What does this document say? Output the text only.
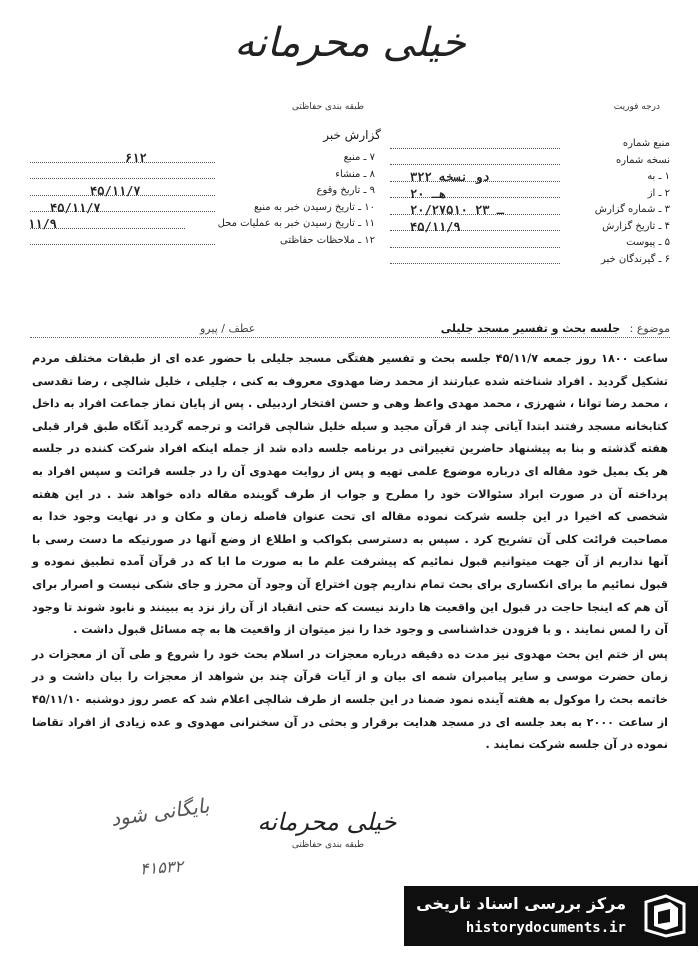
خیلی محرمانه
طبقه بندی حفاظتی	درجه فوریت
گزارش خبر
منبع شماره
نسخه شماره
۱ ـ به
۳۲۲ دو نسخه
۲ ـ از
۲۰ هـ
۳ ـ شماره گزارش
۲۰/۲۷۵۱۰ ـ ۲۳
۴ ـ تاریخ گزارش
۴۵/۱۱/۹
۵ ـ پیوست
۶ ـ گیرندگان خبر
۷ ـ منبع
۶۱۲
۸ ـ منشاء
۹ ـ تاریخ وقوع
۴۵/۱۱/۷
۱۰ ـ تاریخ رسیدن خبر به منبع
۴۵/۱۱/۷
۱۱ ـ تاریخ رسیدن خبر به عملیات محل
۱۱/۹
۱۲ ـ ملاحظات حفاظتی
موضوع : جلسه بحث و تفسیر مسجد جلیلی
عطف / پیرو

ساعت ۱۸۰۰ روز جمعه ۴۵/۱۱/۷ جلسه بحث و تفسیر هفتگی مسجد جلیلی با حضور عده ای از طبقات مختلف مردم تشکیل گردید . افراد شناخته شده عبارتند از محمد رضا مهدوی معروف به کنی ، جلیلی ، خلیل شالچی ، رضا تقدسی ، محمد رضا توانا ، شهرزی ، محمد مهدی واعظ وهی و حسن افتخار اردبیلی . پس از پایان نماز جماعت افراد به داخل کتابخانه مسجد رفتند ابتدا آیاتی چند از قرآن مجید و سیله خلیل شالچی قرائت و ترجمه گردید آنگاه طبق قرار قبلی هفته گذشته و بنا به پیشنهاد حاضرین تغییراتی در برنامه جلسه داده شد از جمله اینکه افراد شرکت کننده در جلسه هر یک بمیل خود مقاله ای درباره موضوع علمی تهیه و پس از روایت مهدوی آن را در جلسه قرائت و سپس افراد به پرداخته آن در صورت ابراد سئوالات خود را مطرح و جواب از طرف گوینده مقاله داده خواهد شد . در این هفته شخصی که اخیرا در این جلسه شرکت نموده مقاله ای تحت عنوان فاصله زمان و مکان و در نهایت وجود خدا به مصاحبت قرائت کلی آن تشریح کرد . سپس به دسترسی بکواکب و اطلاع از وضع آنها در صورتیکه ما دست رسی با آنها نداریم از آن جهت میتوانیم قبول نمائیم که پیشرفت علم ما به صورت ما ابا که در قرآن آمده تطبیق نموده و قبول نمائیم ما برای انکساری برای بحث تمام نداریم چون اختراع آن وجود آن محرز و جای شکی نیست و اصرار برای آن هم که اینجا حاجت در قبول این واقعیت ها دارند نیست که حتی انقیاد از آن راز نزد یه ببینند و نابود شوند تا وجود آن را لمس نمایند . و با فزودن خداشناسی و وجود خدا را نیز میتوان از واقعیت ها به چه مسائل قبول داشت .

پس از ختم این بحث مهدوی نیز مدت ده دقیقه درباره معجزات در اسلام بحث خود را شروع و طی آن از معجزات در زمان حضرت موسی و سایر پیامبران شمه ای بیان و از آیات قرآن چند بن شواهد از معجزات را بیان داشت و در خاتمه بحث را موکول به هفته آینده نمود ضمنا در این جلسه از طرف شالچی اعلام شد که عصر روز دوشنبه ۴۵/۱۱/۱۰ از ساعت ۲۰۰۰ به بعد جلسه ای در مسجد هدایت برقرار و بحثی در آن سخنرانی مهدوی و عده زیادی از افراد تقاضا نموده در آن جلسه شرکت نمایند .

بایگانی شود
۴۱۵۳۲
خیلی محرمانه
طبقه بندی حفاظتی
مرکز بررسی اسناد تاریخی
historydocuments.ir
